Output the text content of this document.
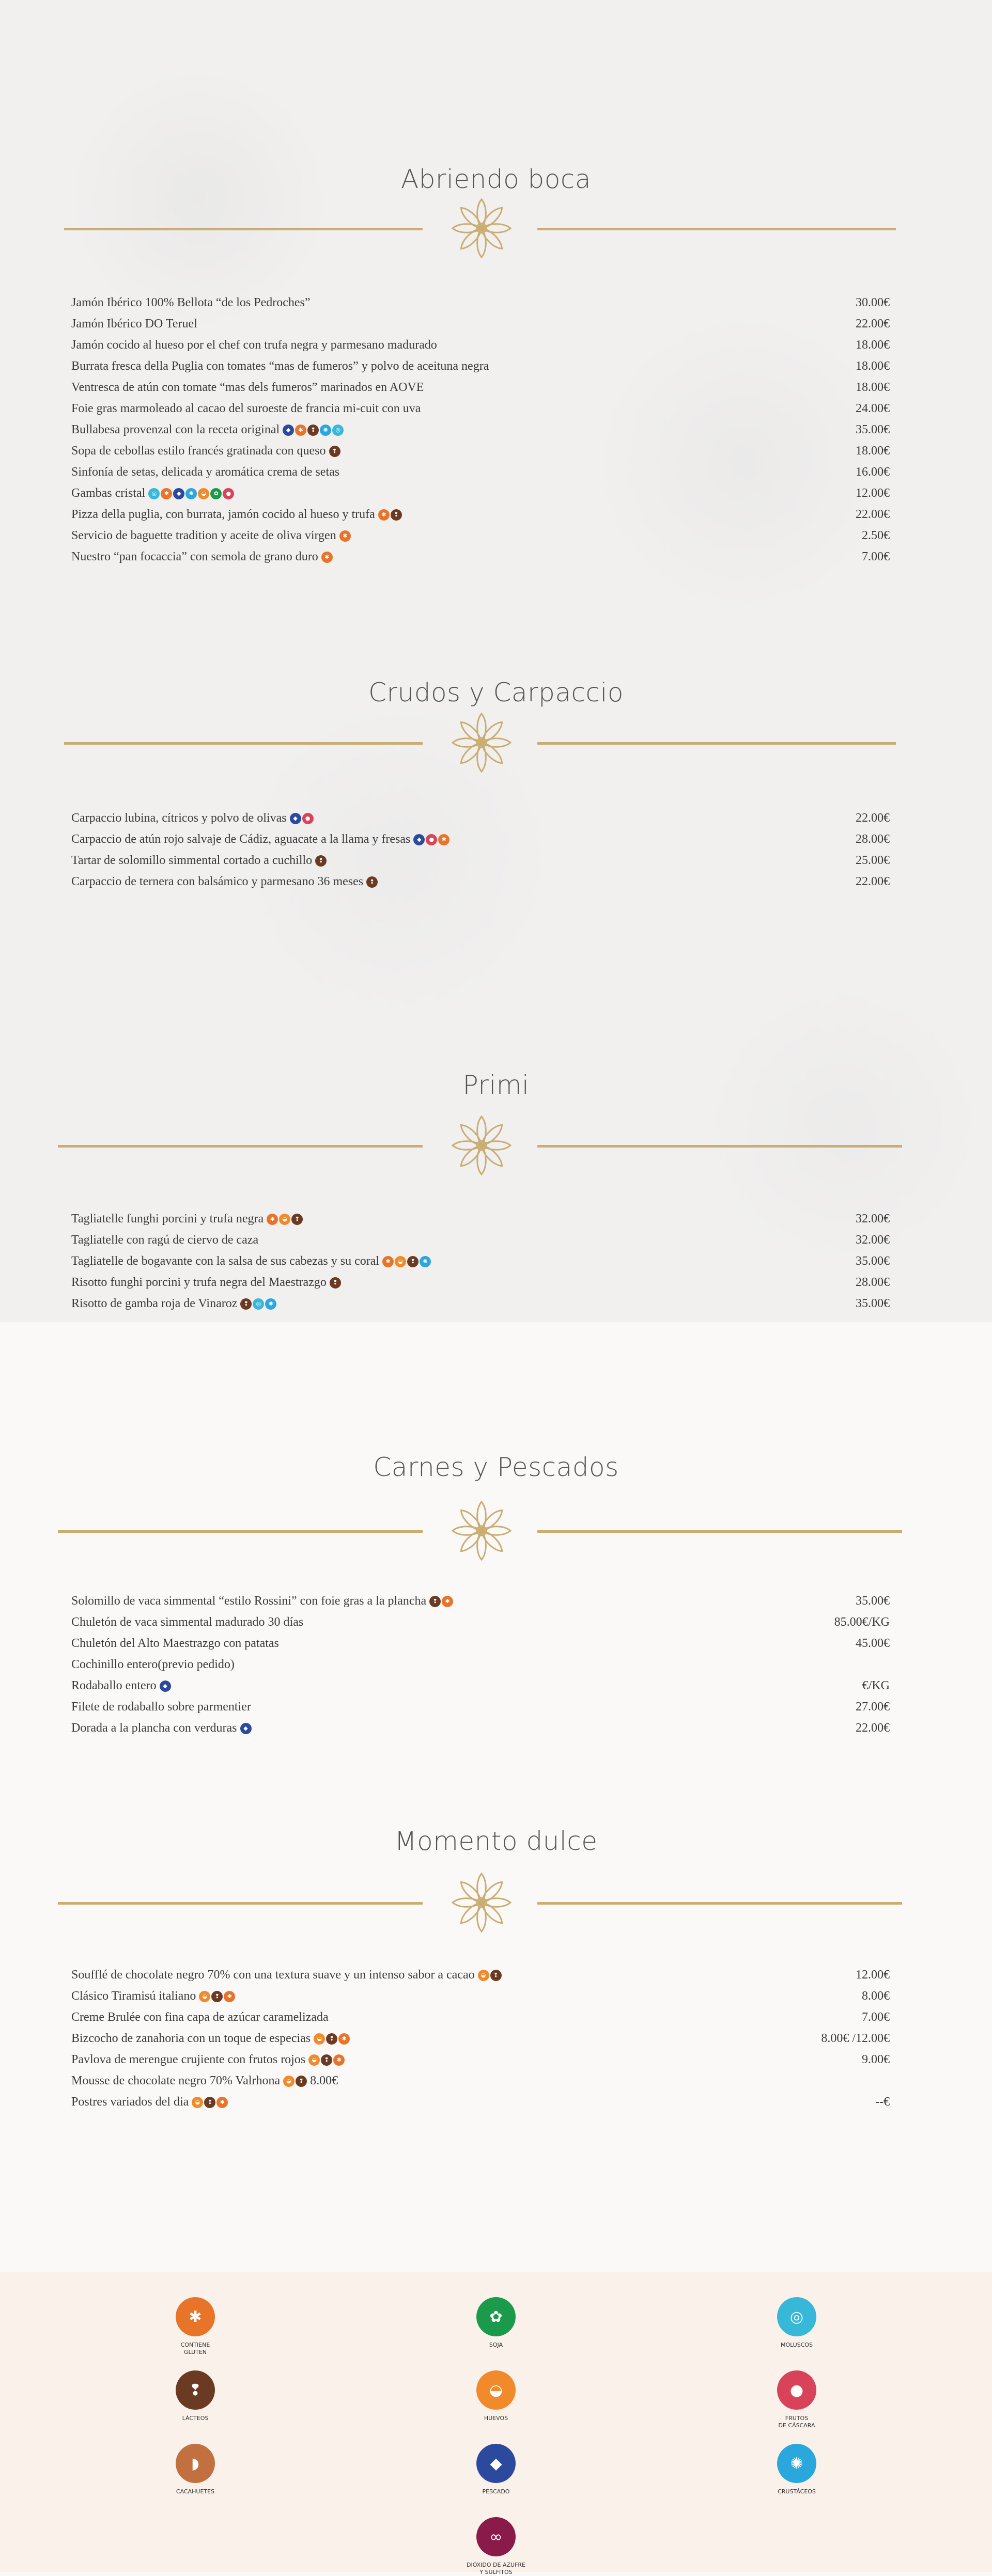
Abriendo boca
Jamón Ibérico 100% Bellota “de los Pedroches”	30.00€
Jamón Ibérico DO Teruel	22.00€
Jamón cocido al hueso por el chef con trufa negra y parmesano madurado	18.00€
Burrata fresca della Puglia con tomates “mas de fumeros” y polvo de aceituna negra	18.00€
Ventresca de atún con tomate “mas dels fumeros” marinados en AOVE	18.00€
Foie gras marmoleado al cacao del suroeste de francia mi-cuit con uva	24.00€
Bullabesa provenzal con la receta original	◆	✱	❢	✺	◎	35.00€
Sopa de cebollas estilo francés gratinada con queso	❢	18.00€
Sinfonía de setas, delicada y aromática crema de setas	16.00€
Gambas cristal	◎	✱	◆	✺	◒	✿	●	12.00€
Pizza della puglia, con burrata, jamón cocido al hueso y trufa	✱	❢	22.00€
Servicio de baguette tradition y aceite de oliva virgen	✱	2.50€
Nuestro “pan focaccia” con semola de grano duro	✱	7.00€
Crudos y Carpaccio
Carpaccio lubina, cítricos y polvo de olivas	◆	●	22.00€
Carpaccio de atún rojo salvaje de Cádiz, aguacate a la llama y fresas	◆	●	✱	28.00€
Tartar de solomillo simmental cortado a cuchillo	❢	25.00€
Carpaccio de ternera con balsámico y parmesano 36 meses	❢	22.00€
Primi
Tagliatelle funghi porcini y trufa negra	✱	◒	❢	32.00€
Tagliatelle con ragú de ciervo de caza	32.00€
Tagliatelle de bogavante con la salsa de sus cabezas y su coral	✱	◒	❢	✺	35.00€
Risotto funghi porcini y trufa negra del Maestrazgo	❢	28.00€
Risotto de gamba roja de Vinaroz	❢	◎	✺	35.00€
Carnes y Pescados
Solomillo de vaca simmental “estilo Rossini” con foie gras a la plancha	❢	✱	35.00€
Chuletón de vaca simmental madurado 30 días	85.00€/KG
Chuletón del Alto Maestrazgo con patatas	45.00€
Cochinillo entero(previo pedido)
Rodaballo entero	◆	€/KG
Filete de rodaballo sobre parmentier	27.00€
Dorada a la plancha con verduras	◆	22.00€
Momento dulce
Soufflé de chocolate negro 70% con una textura suave y un intenso sabor a cacao	◒	❢	12.00€
Clásico Tiramisú italiano	◒	❢	✱	8.00€
Creme Brulée con fina capa de azúcar caramelizada	7.00€
Bizcocho de zanahoria con un toque de especias	◒	❢	✱	8.00€ /12.00€
Pavlova de merengue crujiente con frutos rojos	◒	❢	✱	9.00€
Mousse de chocolate negro 70% Valrhona	◒	❢ 8.00€
Postres variados del dia	◒	❢	✱	--€
✱
CONTIENE
GLUTEN
✿
SOJA
◎
MOLUSCOS
❢
LÁCTEOS
◒
HUEVOS
●
FRUTOS
DE CÁSCARA
◗
CACAHUETES
◆
PESCADO
✺
CRUSTÁCEOS
∞
DIÓXIDO DE AZUFRE
Y SULFITOS
